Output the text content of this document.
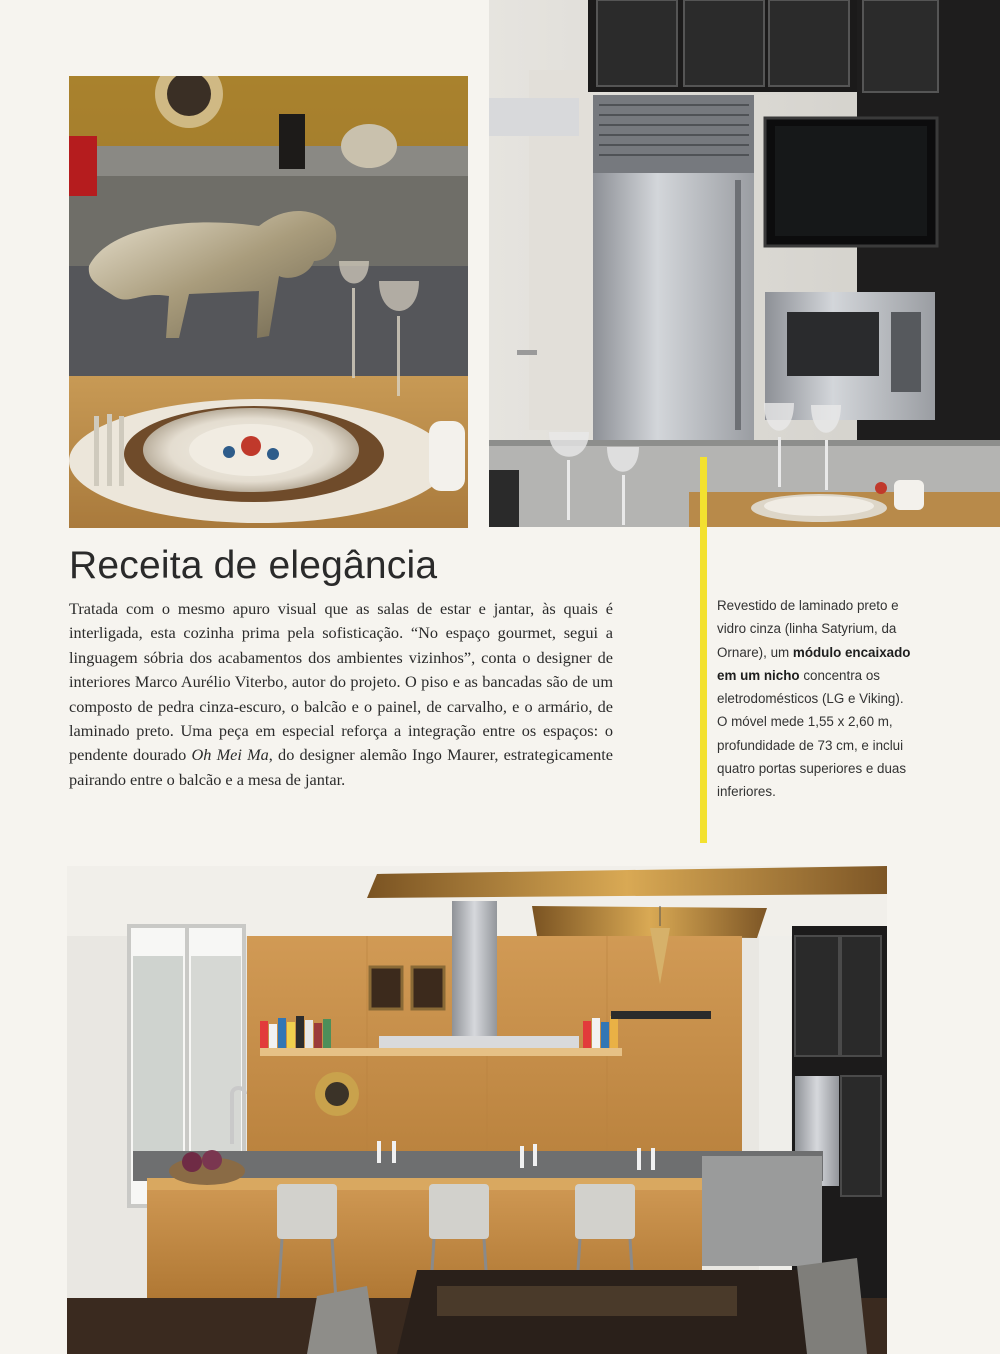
Receita de elegância

Tratada com o mesmo apuro visual que as salas de estar e jantar, às quais é interligada, esta cozinha prima pela sofisticação. “No espaço gourmet, segui a linguagem sóbria dos acabamentos dos ambientes vizinhos”, conta o designer de interiores Marco Aurélio Viterbo, autor do projeto. O piso e as bancadas são de um composto de pedra cinza-escuro, o balcão e o painel, de carvalho, e o armário, de laminado preto. Uma peça em especial reforça a integração entre os espaços: o pendente dourado Oh Mei Ma, do designer alemão Ingo Maurer, estrategicamente pairando entre o balcão e a mesa de jantar.

Revestido de laminado preto e vidro cinza (linha Satyrium, da Ornare), um módulo encaixado em um nicho concentra os eletrodomésticos (LG e Viking). O móvel mede 1,55 x 2,60 m, profundidade de 73 cm, e inclui quatro portas superiores e duas inferiores.
